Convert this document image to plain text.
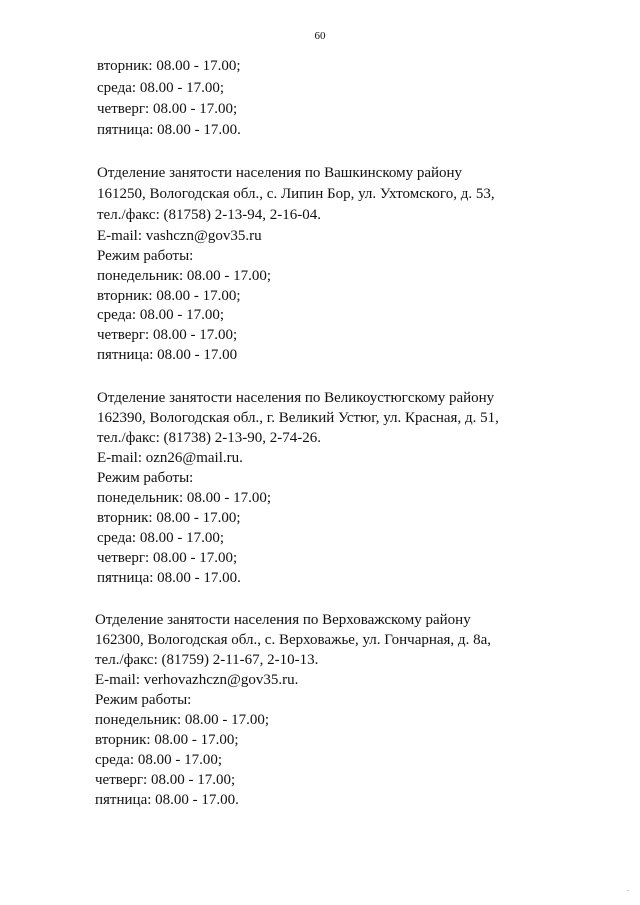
60
вторник: 08.00 - 17.00;
среда: 08.00 - 17.00;
четверг: 08.00 - 17.00;
пятница: 08.00 - 17.00.
Отделение занятости населения по Вашкинскому району
161250, Вологодская обл., с. Липин Бор, ул. Ухтомского, д. 53,
тел./факс: (81758) 2-13-94, 2-16-04.
E-mail: vashczn@gov35.ru
Режим работы:
понедельник: 08.00 - 17.00;
вторник: 08.00 - 17.00;
среда: 08.00 - 17.00;
четверг: 08.00 - 17.00;
пятница: 08.00 - 17.00
Отделение занятости населения по Великоустюгскому району
162390, Вологодская обл., г. Великий Устюг, ул. Красная, д. 51,
тел./факс: (81738) 2-13-90, 2-74-26.
E-mail: ozn26@mail.ru.
Режим работы:
понедельник: 08.00 - 17.00;
вторник: 08.00 - 17.00;
среда: 08.00 - 17.00;
четверг: 08.00 - 17.00;
пятница: 08.00 - 17.00.
Отделение занятости населения по Верховажскому району
162300, Вологодская обл., с. Верховажье, ул. Гончарная, д. 8а,
тел./факс: (81759) 2-11-67, 2-10-13.
E-mail: verhovazhczn@gov35.ru.
Режим работы:
понедельник: 08.00 - 17.00;
вторник: 08.00 - 17.00;
среда: 08.00 - 17.00;
четверг: 08.00 - 17.00;
пятница: 08.00 - 17.00.
.
